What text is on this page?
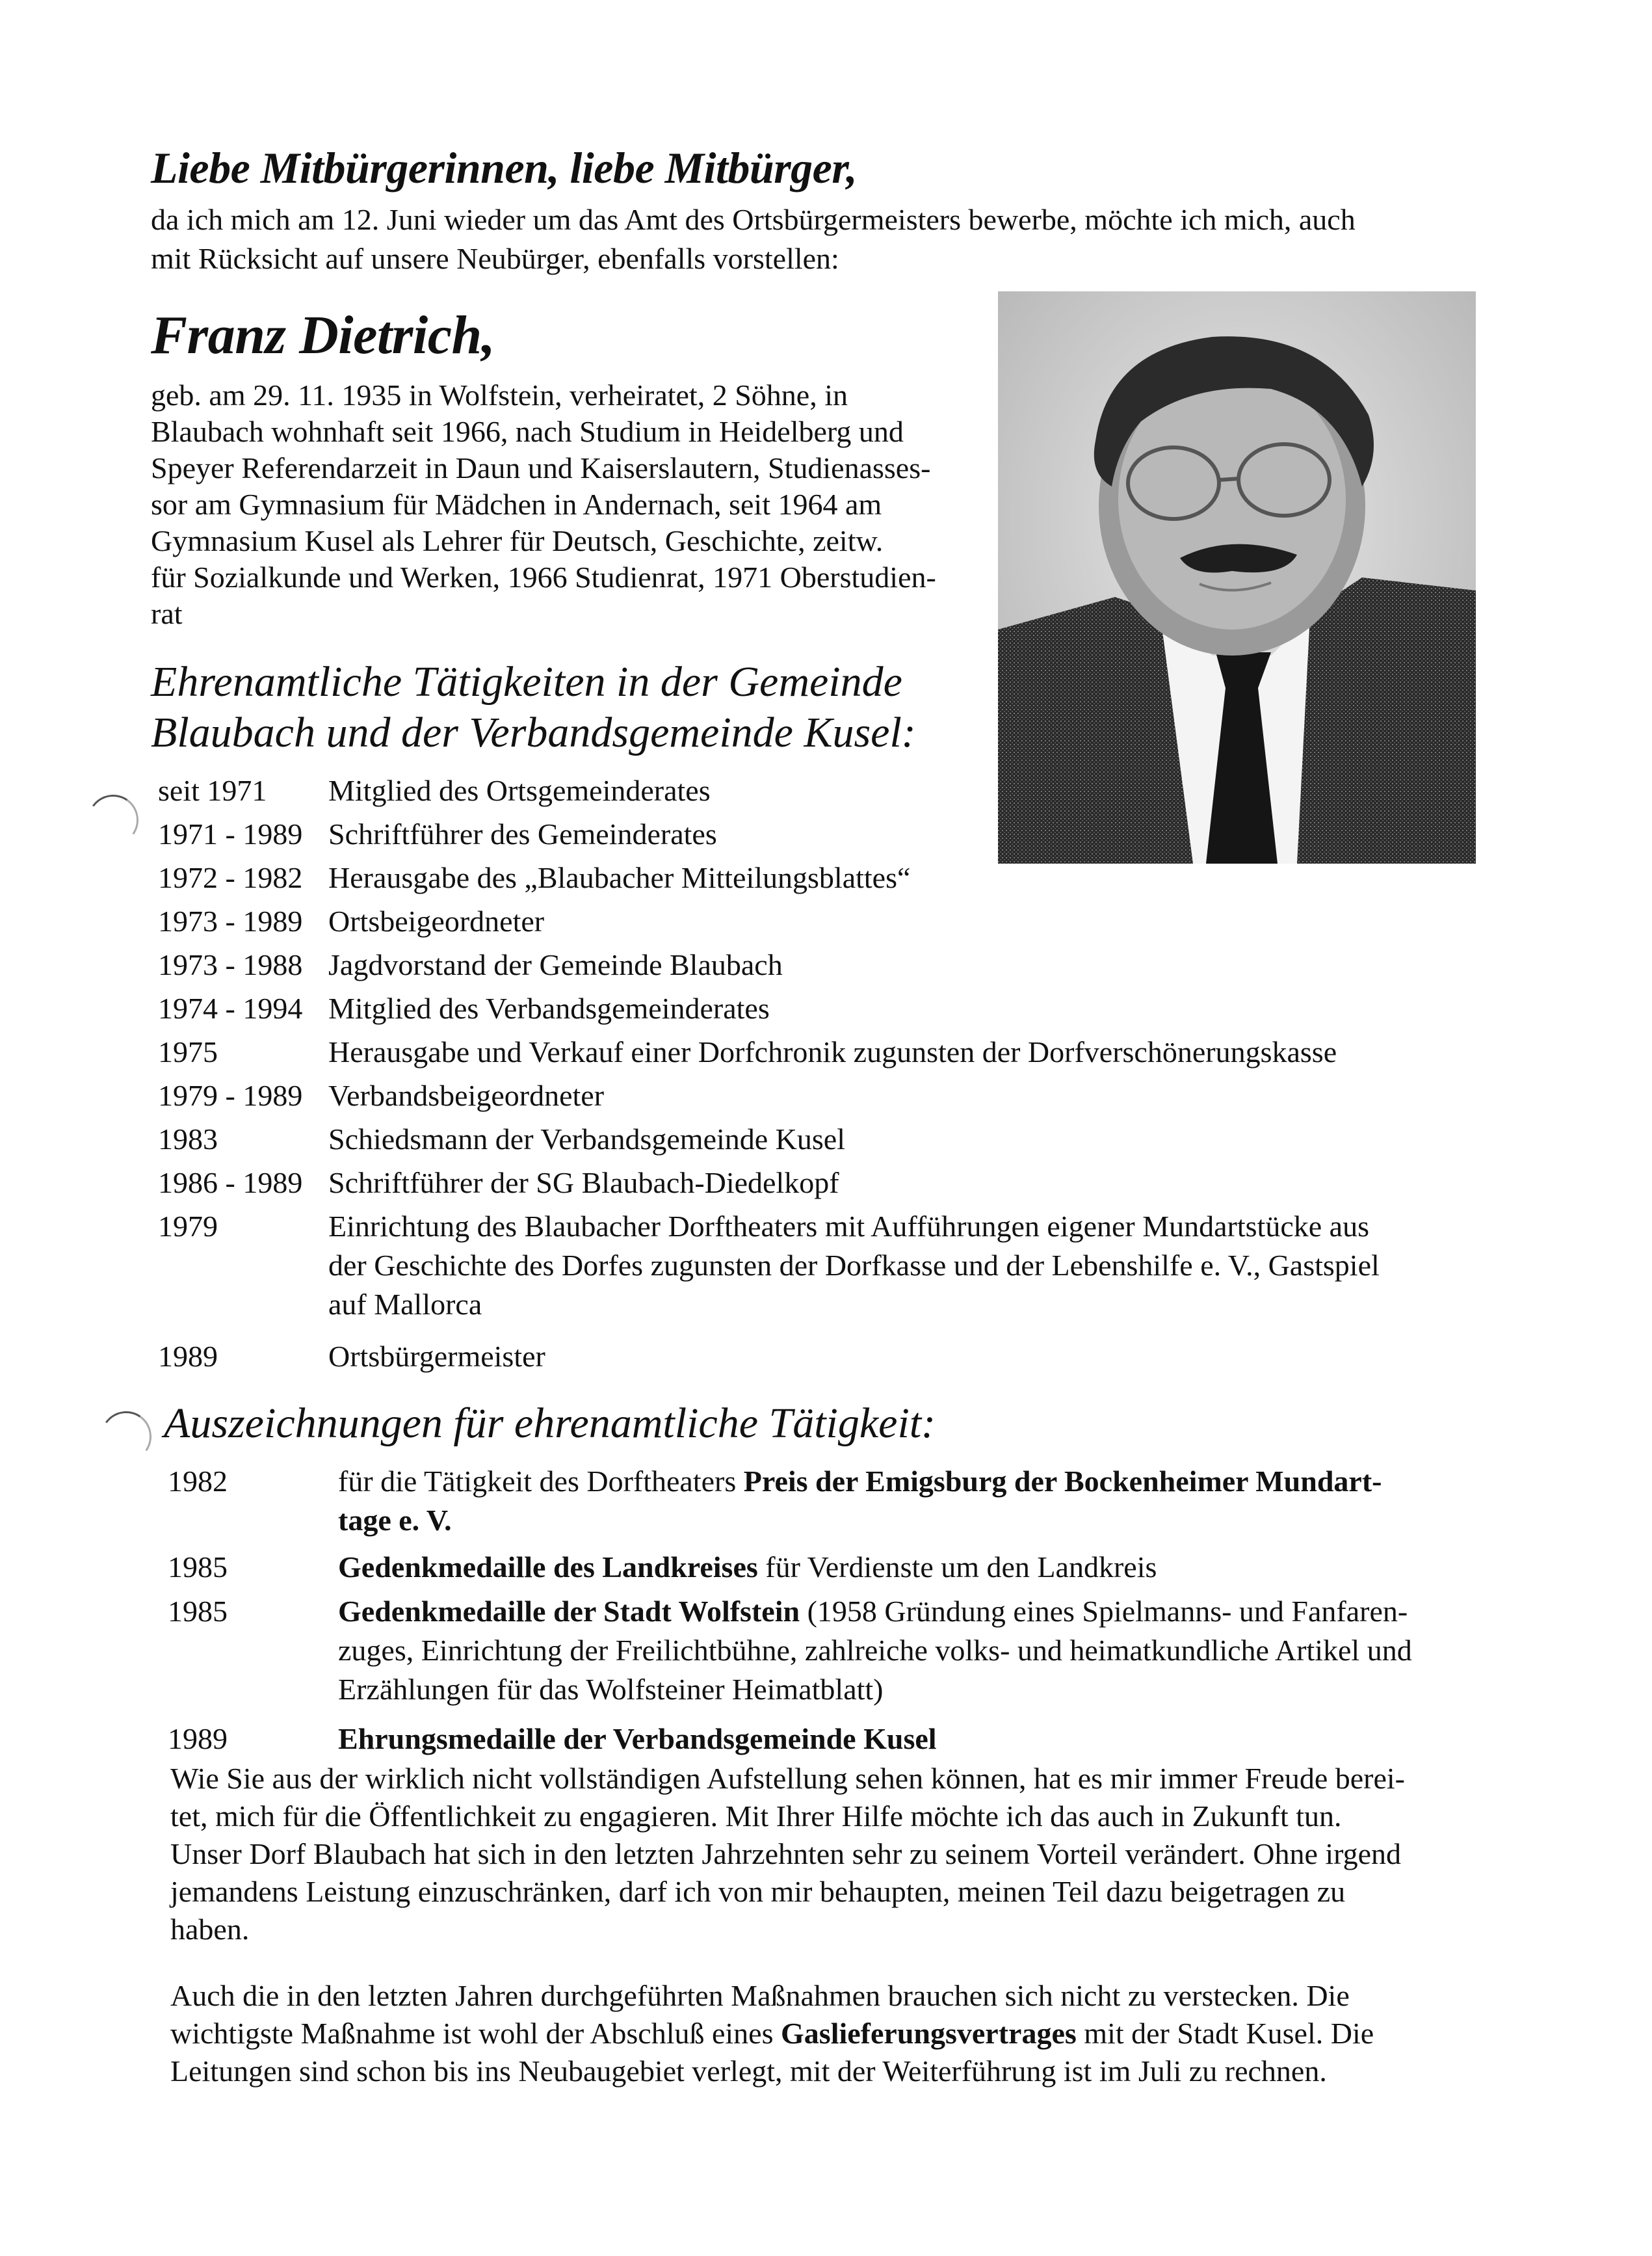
Liebe Mitbürgerinnen, liebe Mitbürger,
da ich mich am 12. Juni wieder um das Amt des Ortsbürgermeisters bewerbe, möchte ich mich, auch
mit Rücksicht auf unsere Neubürger, ebenfalls vorstellen:
Franz Dietrich,
geb. am 29. 11. 1935 in Wolfstein, verheiratet, 2 Söhne, in
Blaubach wohnhaft seit 1966, nach Studium in Heidelberg und
Speyer Referendarzeit in Daun und Kaiserslautern, Studienasses-
sor am Gymnasium für Mädchen in Andernach, seit 1964 am
Gymnasium Kusel als Lehrer für Deutsch, Geschichte, zeitw.
für Sozialkunde und Werken, 1966 Studienrat, 1971 Oberstudien-
rat
Ehrenamtliche Tätigkeiten in der Gemeinde
Blaubach und der Verbandsgemeinde Kusel:
seit 1971 Mitglied des Ortsgemeinderates
1971 - 1989 Schriftführer des Gemeinderates
1972 - 1982 Herausgabe des „Blaubacher Mitteilungsblattes“
1973 - 1989 Ortsbeigeordneter
1973 - 1988 Jagdvorstand der Gemeinde Blaubach
1974 - 1994 Mitglied des Verbandsgemeinderates
1975	Herausgabe und Verkauf einer Dorfchronik zugunsten der Dorfverschönerungskasse
1979 - 1989 Verbandsbeigeordneter
1983	Schiedsmann der Verbandsgemeinde Kusel
1986 - 1989 Schriftführer der SG Blaubach-Diedelkopf
1979	Einrichtung des Blaubacher Dorftheaters mit Aufführungen eigener Mundartstücke aus
der Geschichte des Dorfes zugunsten der Dorfkasse und der Lebenshilfe e. V., Gastspiel
auf Mallorca
1989	Ortsbürgermeister
Auszeichnungen für ehrenamtliche Tätigkeit:
1982	für die Tätigkeit des Dorftheaters Preis der Emigsburg der Bockenheimer Mundart-
tage e. V.
1985	Gedenkmedaille des Landkreises für Verdienste um den Landkreis
1985	Gedenkmedaille der Stadt Wolfstein (1958 Gründung eines Spielmanns- und Fanfaren-
zuges, Einrichtung der Freilichtbühne, zahlreiche volks- und heimatkundliche Artikel und
Erzählungen für das Wolfsteiner Heimatblatt)
1989	Ehrungsmedaille der Verbandsgemeinde Kusel
Wie Sie aus der wirklich nicht vollständigen Aufstellung sehen können, hat es mir immer Freude berei-
tet, mich für die Öffentlichkeit zu engagieren. Mit Ihrer Hilfe möchte ich das auch in Zukunft tun.
Unser Dorf Blaubach hat sich in den letzten Jahrzehnten sehr zu seinem Vorteil verändert. Ohne irgend
jemandens Leistung einzuschränken, darf ich von mir behaupten, meinen Teil dazu beigetragen zu
haben.
Auch die in den letzten Jahren durchgeführten Maßnahmen brauchen sich nicht zu verstecken. Die
wichtigste Maßnahme ist wohl der Abschluß eines Gaslieferungsvertrages mit der Stadt Kusel. Die
Leitungen sind schon bis ins Neubaugebiet verlegt, mit der Weiterführung ist im Juli zu rechnen.
